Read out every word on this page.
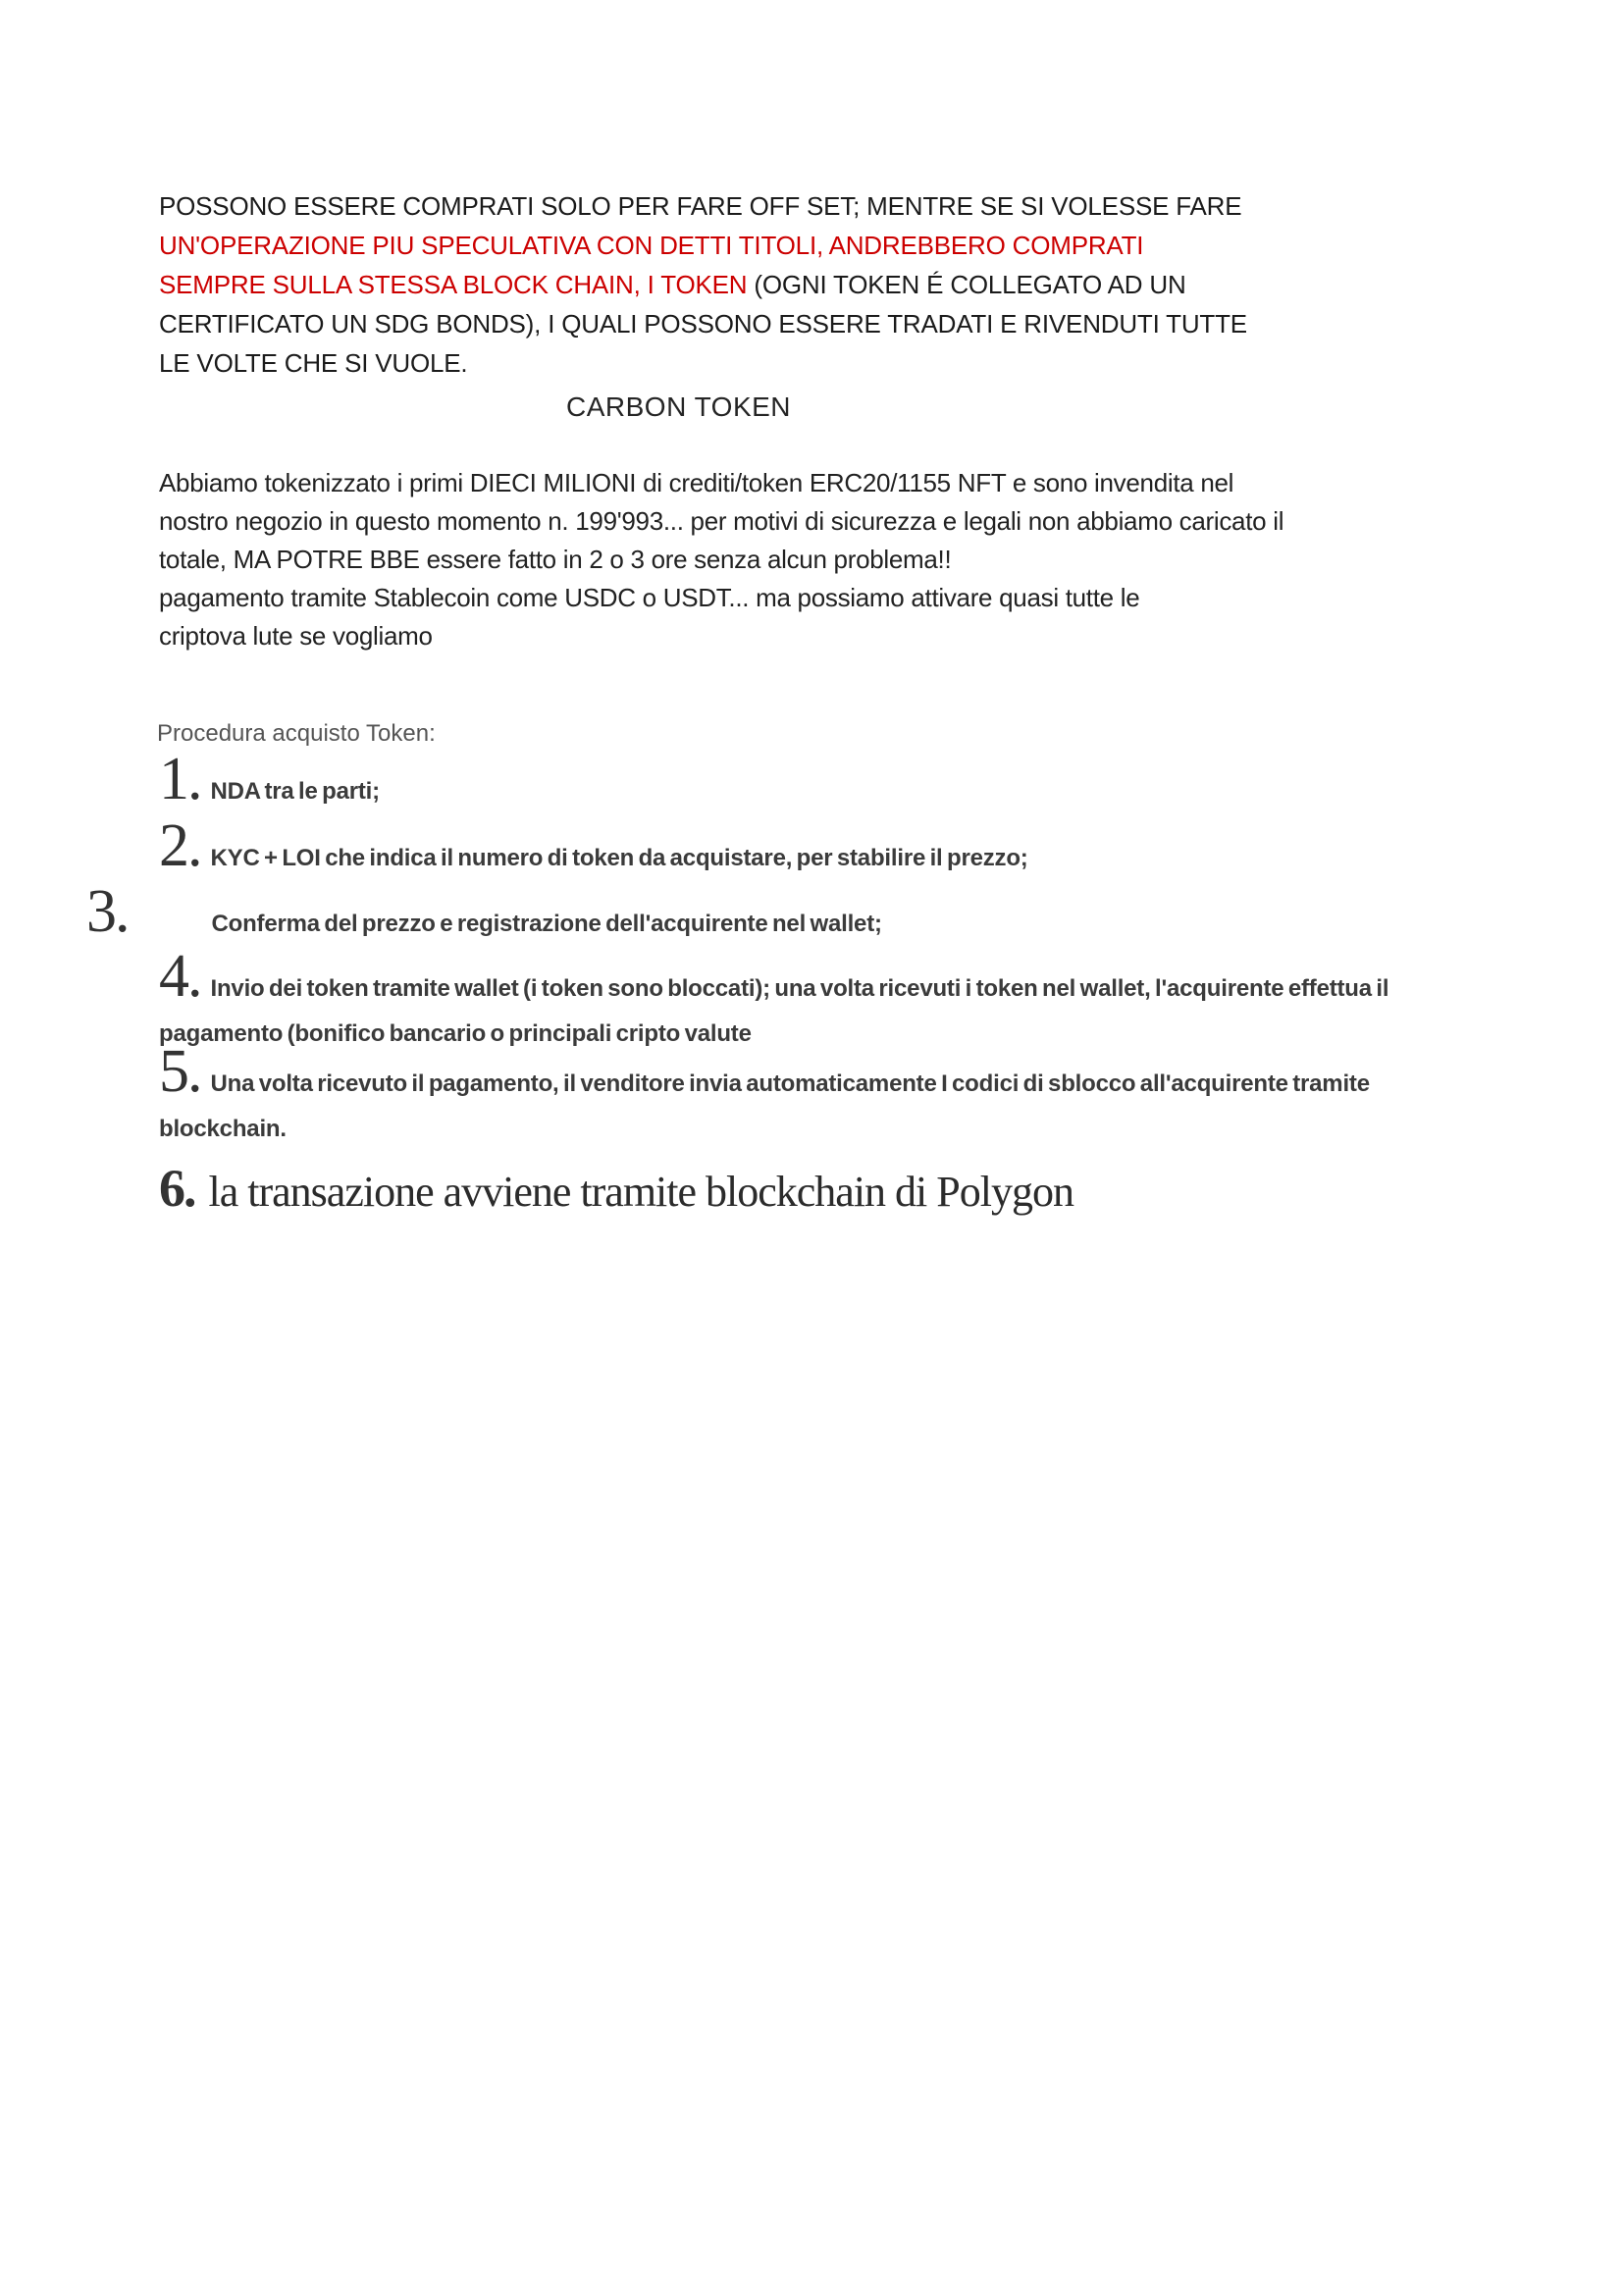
POSSONO ESSERE COMPRATI SOLO PER FARE OFF SET; MENTRE SE SI VOLESSE FARE
UN'OPERAZIONE PIU SPECULATIVA CON DETTI TITOLI, ANDREBBERO COMPRATI
SEMPRE SULLA STESSA BLOCK CHAIN, I TOKEN (OGNI TOKEN É COLLEGATO AD UN
CERTIFICATO UN SDG BONDS), I QUALI POSSONO ESSERE TRADATI E RIVENDUTI TUTTE
LE VOLTE CHE SI VUOLE.
CARBON TOKEN
Abbiamo tokenizzato i primi DIECI MILIONI di crediti/token ERC20/1155 NFT e sono invendita nel
nostro negozio in questo momento n. 199'993... per motivi di sicurezza e legali non abbiamo caricato il
totale, MA POTRE BBE essere fatto in 2 o 3 ore senza alcun problema!!
pagamento tramite Stablecoin come USDC o USDT... ma possiamo attivare quasi tutte le
criptova lute se vogliamo
Procedura acquisto Token:
1. NDA tra le parti;
2. KYC + LOI che indica il numero di token da acquistare, per stabilire il prezzo;
3.	Conferma del prezzo e registrazione dell'acquirente nel wallet;
4. Invio dei token tramite wallet (i token sono bloccati); una volta ricevuti i token nel wallet, l'acquirente effettua il pagamento (bonifico bancario o principali cripto valute
5. Una volta ricevuto il pagamento, il venditore invia automaticamente I codici di sblocco all'acquirente tramite blockchain.
6. la transazione avviene tramite blockchain di Polygon
